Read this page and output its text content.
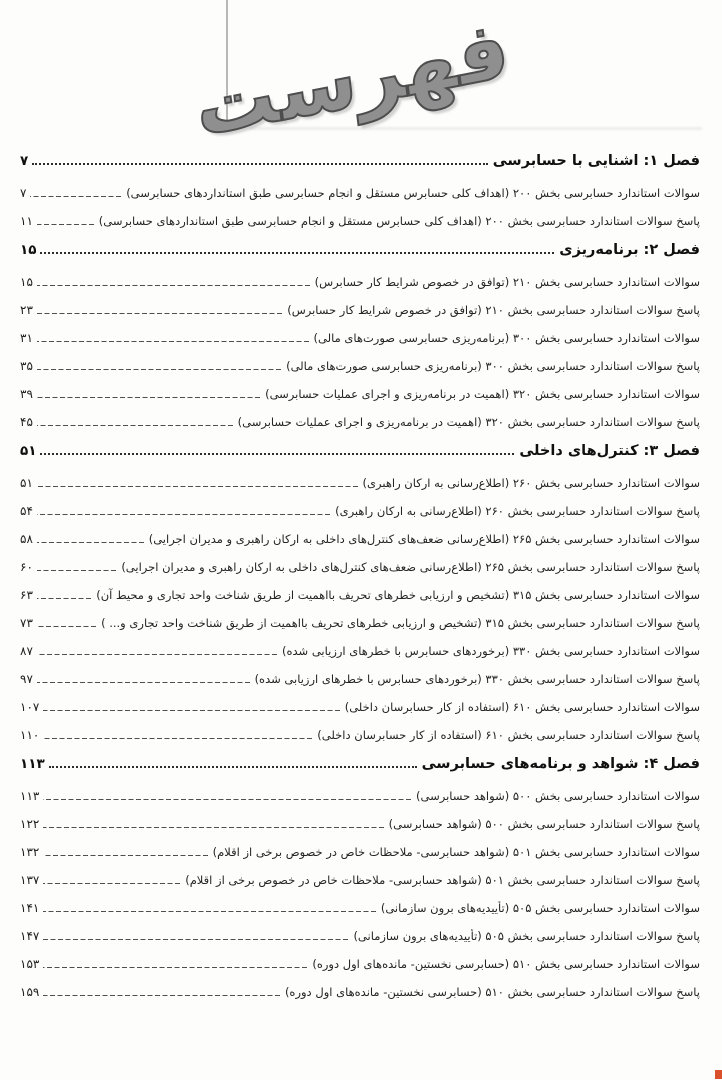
فهرست
فصل ۱: آشنایی با حسابرسی
۷
سوالات استاندارد حسابرسی بخش ۲۰۰ (اهداف کلی حسابرس مستقل و انجام حسابرسی طبق استانداردهای حسابرسی)
۷
پاسخ سوالات استاندارد حسابرسی بخش ۲۰۰ (اهداف کلی حسابرس مستقل و انجام حسابرسی طبق استانداردهای حسابرسی)
۱۱
فصل ۲: برنامه‌ریزی
۱۵
سوالات استاندارد حسابرسی بخش ۲۱۰ (توافق در خصوص شرایط کار حسابرس)
۱۵
پاسخ سوالات استاندارد حسابرسی بخش ۲۱۰ (توافق در خصوص شرایط کار حسابرس)
۲۳
سوالات استاندارد حسابرسی بخش ۳۰۰ (برنامه‌ریزی حسابرسی صورت‌های مالی)
۳۱
پاسخ سوالات استاندارد حسابرسی بخش ۳۰۰ (برنامه‌ریزی حسابرسی صورت‌های مالی)
۳۵
سوالات استاندارد حسابرسی بخش ۳۲۰ (اهمیت در برنامه‌ریزی و اجرای عملیات حسابرسی)
۳۹
پاسخ سوالات استاندارد حسابرسی بخش ۳۲۰ (اهمیت در برنامه‌ریزی و اجرای عملیات حسابرسی)
۴۵
فصل ۳: کنترل‌های داخلی
۵۱
سوالات استاندارد حسابرسی بخش ۲۶۰ (اطلاع‌رسانی به ارکان راهبری)
۵۱
پاسخ سوالات استاندارد حسابرسی بخش ۲۶۰ (اطلاع‌رسانی به ارکان راهبری)
۵۴
سوالات استاندارد حسابرسی بخش ۲۶۵ (اطلاع‌رسانی ضعف‌های کنترل‌های داخلی به ارکان راهبری و مدیران اجرایی)
۵۸
پاسخ سوالات استاندارد حسابرسی بخش ۲۶۵ (اطلاع‌رسانی ضعف‌های کنترل‌های داخلی به ارکان راهبری و مدیران اجرایی)
۶۰
سوالات استاندارد حسابرسی بخش ۳۱۵ (تشخیص و ارزیابی خطرهای تحریف بااهمیت از طریق شناخت واحد تجاری و محیط آن)
۶۳
پاسخ سوالات استاندارد حسابرسی بخش ۳۱۵ (تشخیص و ارزیابی خطرهای تحریف بااهمیت از طریق شناخت واحد تجاری و... )
۷۳
سوالات استاندارد حسابرسی بخش ۳۳۰ (برخوردهای حسابرس با خطرهای ارزیابی شده)
۸۷
پاسخ سوالات استاندارد حسابرسی بخش ۳۳۰ (برخوردهای حسابرس با خطرهای ارزیابی شده)
۹۷
سوالات استاندارد حسابرسی بخش ۶۱۰ (استفاده از کار حسابرسان داخلی)
۱۰۷
پاسخ سوالات استاندارد حسابرسی بخش ۶۱۰ (استفاده از کار حسابرسان داخلی)
۱۱۰
فصل ۴: شواهد و برنامه‌های حسابرسی
۱۱۳
سوالات استاندارد حسابرسی بخش ۵۰۰ (شواهد حسابرسی)
۱۱۳
پاسخ سوالات استاندارد حسابرسی بخش ۵۰۰ (شواهد حسابرسی)
۱۲۲
سوالات استاندارد حسابرسی بخش ۵۰۱ (شواهد حسابرسی- ملاحظات خاص در خصوص برخی از اقلام)
۱۳۲
پاسخ سوالات استاندارد حسابرسی بخش ۵۰۱ (شواهد حسابرسی- ملاحظات خاص در خصوص برخی از اقلام)
۱۳۷
سوالات استاندارد حسابرسی بخش ۵۰۵ (تأییدیه‌های برون سازمانی)
۱۴۱
پاسخ سوالات استاندارد حسابرسی بخش ۵۰۵ (تأییدیه‌های برون سازمانی)
۱۴۷
سوالات استاندارد حسابرسی بخش ۵۱۰ (حسابرسی نخستین- مانده‌های اول دوره)
۱۵۳
پاسخ سوالات استاندارد حسابرسی بخش ۵۱۰ (حسابرسی نخستین- مانده‌های اول دوره)
۱۵۹
